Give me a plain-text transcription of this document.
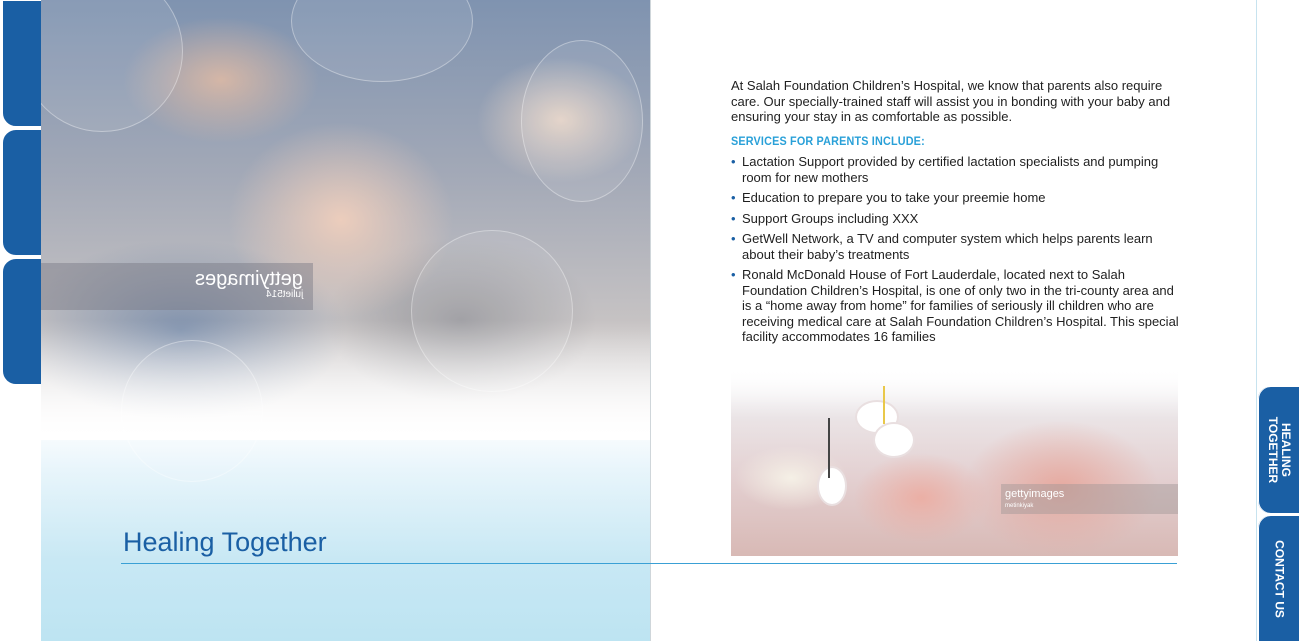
gettyimages
juliet514
Healing Together

At Salah Foundation Children’s Hospital, we know that parents also require care. Our specially-trained staff will assist you in bonding with your baby and ensuring your stay in as comfortable as possible.

SERVICES FOR PARENTS INCLUDE:
• Lactation Support provided by certified lactation specialists and pumping room for new mothers
• Education to prepare you to take your preemie home
• Support Groups including XXX
• GetWell Network, a TV and computer system which helps parents learn about their baby’s treatments
• Ronald McDonald House of Fort Lauderdale, located next to Salah Foundation Children’s Hospital, is one of only two in the tri-county area and is a “home away from home” for families of seriously ill children who are receiving medical care at Salah Foundation Children’s Hospital. This special facility accommodates 16 families
gettyimages
metinkiyak
HEALING
TOGETHER
CONTACT US
